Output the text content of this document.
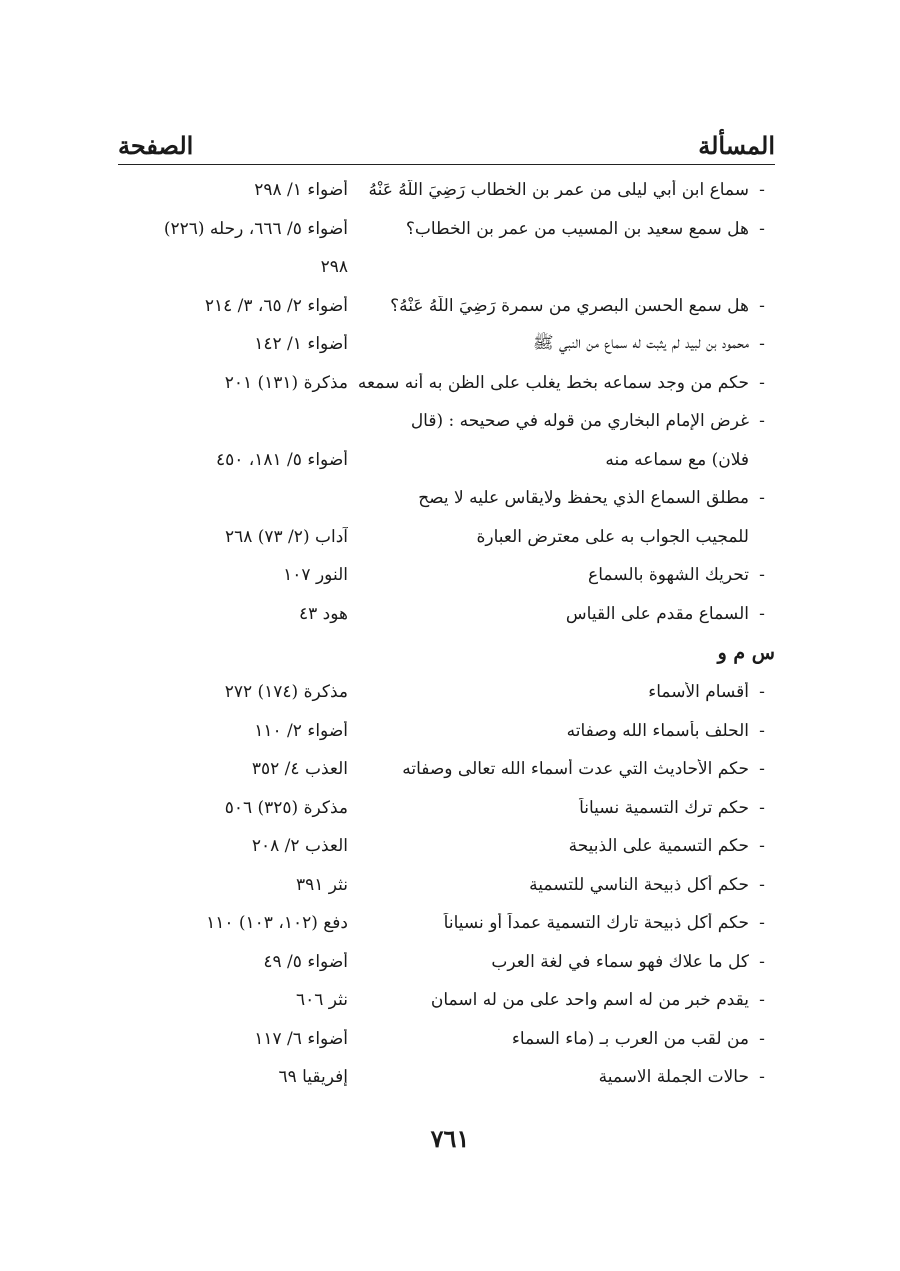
المسألة
الصفحة
-
سماع ابن أبي ليلى من عمر بن الخطاب رَضِيَ اللَّهُ عَنْهُ
أضواء ١/ ٢٩٨
-
هل سمع سعيد بن المسيب من عمر بن الخطاب؟
أضواء ٥/ ٦٦٦، رحله (٢٢٦)
٢٩٨
-
هل سمع الحسن البصري من سمرة رَضِيَ اللَّهُ عَنْهُ؟
أضواء ٢/ ٦٥، ٣/ ٢١٤
-
محمود بن لبيد لم يثبت له سماع من النبي ﷺ
أضواء ١/ ١٤٢
-
حكم من وجد سماعه بخط يغلب على الظن به أنه سمعه
مذكرة (١٣١) ٢٠١
-
غرض الإمام البخاري من قوله في صحيحه : (قال
فلان) مع سماعه منه
أضواء ٥/ ١٨١، ٤٥٠
-
مطلق السماع الذي يحفظ ولايقاس عليه لا يصح
للمجيب الجواب به على معترض العبارة
آداب (٢/ ٧٣) ٢٦٨
-
تحريك الشهوة بالسماع
النور ١٠٧
-
السماع مقدم على القياس
هود ٤٣
س م و
-
أقسام الأسماء
مذكرة (١٧٤) ٢٧٢
-
الحلف بأسماء الله وصفاته
أضواء ٢/ ١١٠
-
حكم الأحاديث التي عدت أسماء الله تعالى وصفاته
العذب ٤/ ٣٥٢
-
حكم ترك التسمية نسياناً
مذكرة (٣٢٥) ٥٠٦
-
حكم التسمية على الذبيحة
العذب ٢/ ٢٠٨
-
حكم أكل ذبيحة الناسي للتسمية
نثر ٣٩١
-
حكم أكل ذبيحة تارك التسمية عمداً أو نسياناً
دفع (١٠٢، ١٠٣) ١١٠
-
كل ما علاك فهو سماء في لغة العرب
أضواء ٥/ ٤٩
-
يقدم خبر من له اسم واحد على من له اسمان
نثر ٦٠٦
-
من لقب من العرب بـ (ماء السماء
أضواء ٦/ ١١٧
-
حالات الجملة الاسمية
إفريقيا ٦٩
٧٦١
